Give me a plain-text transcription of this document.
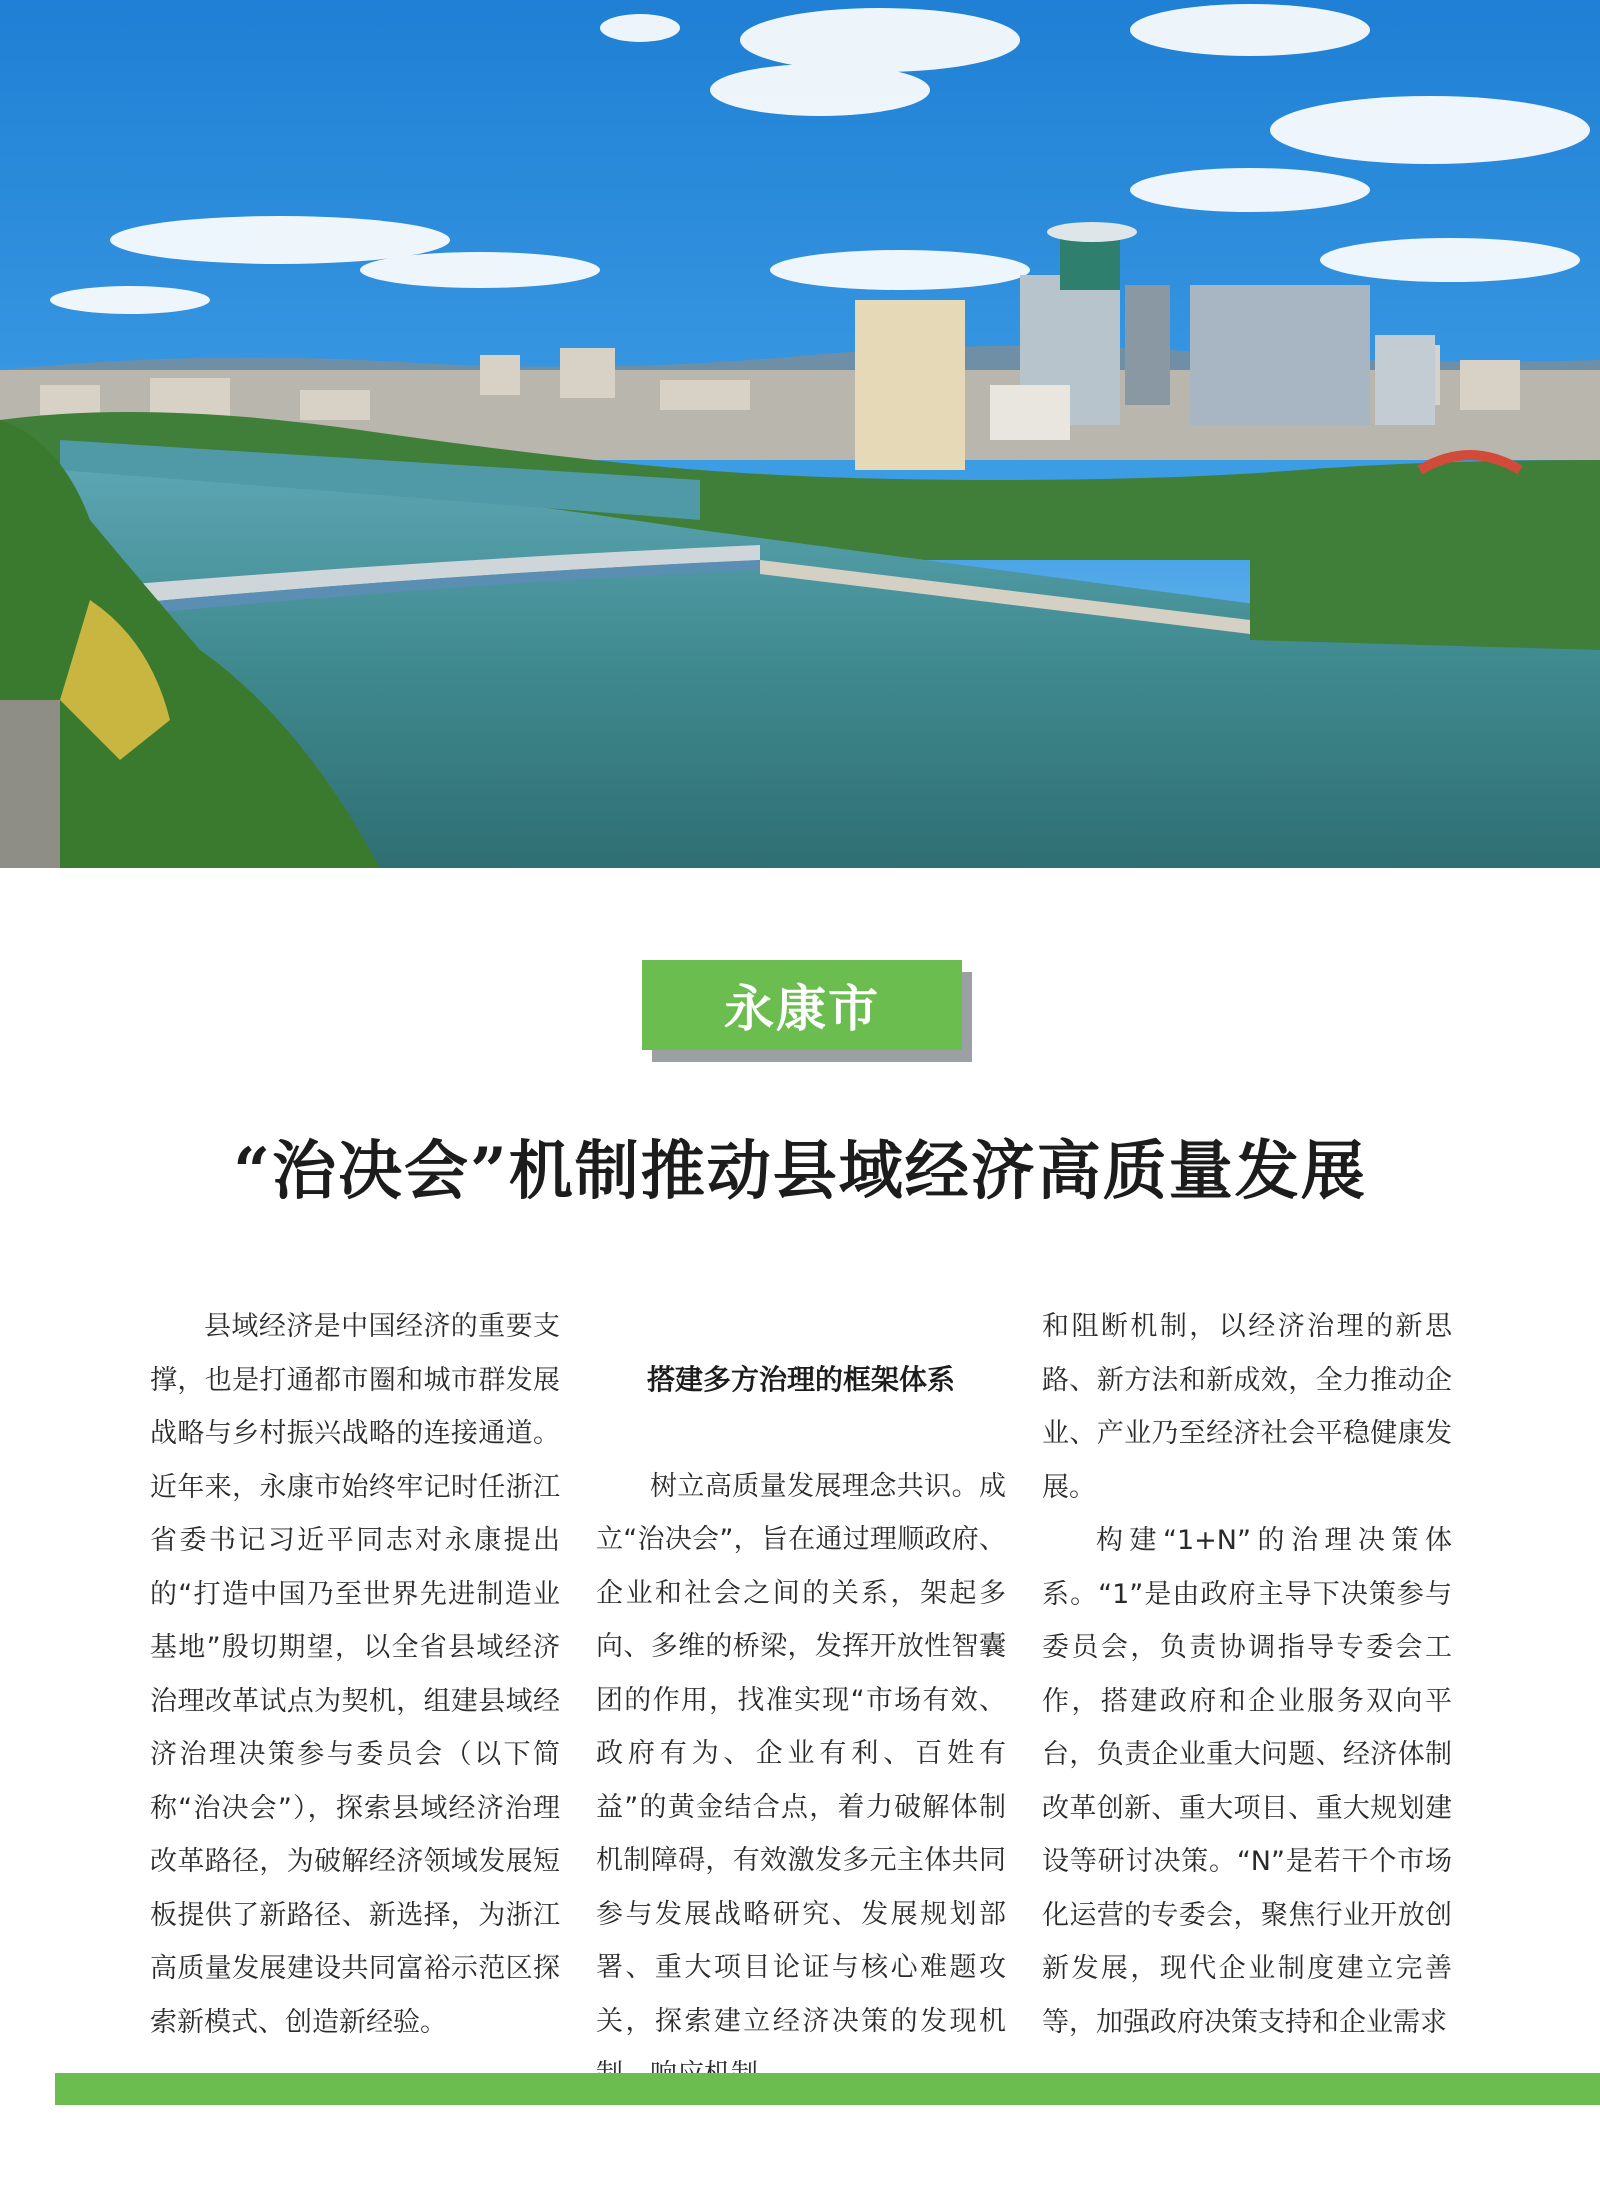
永康市
“治决会”机制推动县域经济高质量发展

县域经济是中国经济的重要支撑，也是打通都市圈和城市群发展战略与乡村振兴战略的连接通道。近年来，永康市始终牢记时任浙江省委书记习近平同志对永康提出的“打造中国乃至世界先进制造业基地”殷切期望，以全省县域经济治理改革试点为契机，组建县域经济治理决策参与委员会（以下简称“治决会”），探索县域经济治理改革路径，为破解经济领域发展短板提供了新路径、新选择，为浙江高质量发展建设共同富裕示范区探索新模式、创造新经验。

搭建多方治理的框架体系

树立高质量发展理念共识。成立“治决会”，旨在通过理顺政府、企业和社会之间的关系，架起多向、多维的桥梁，发挥开放性智囊团的作用，找准实现“市场有效、政府有为、企业有利、百姓有益”的黄金结合点，着力破解体制机制障碍，有效激发多元主体共同参与发展战略研究、发展规划部署、重大项目论证与核心难题攻关，探索建立经济决策的发现机

和阻断机制，以经济治理的新思路、新方法和新成效，全力推动企业、产业乃至经济社会平稳健康发展。

构建“1+N”的治理决策体系。“1”是由政府主导下决策参与委员会，负责协调指导专委会工作，搭建政府和企业服务双向平台，负责企业重大问题、经济体制改革创新、重大项目、重大规划建设等研讨决策。“N”是若干个市场化运营的专委会，聚焦行业开放创新发展，现代企业制度建立完善等，加强政府决策支持和企业需求
